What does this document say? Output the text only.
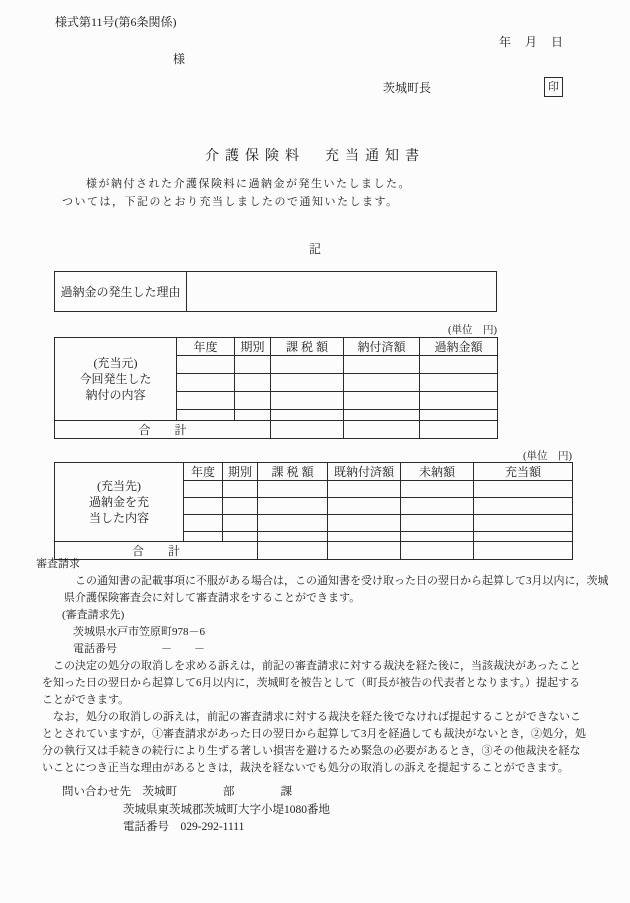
様式第11号(第6条関係)
年　月　日
様
茨城町長	印
介護保険料　充当通知書
様が納付された介護保険料に過納金が発生いたしました。
ついては，下記のとおり充当しましたので通知いたします。
記
過納金の発生した理由	
(単位　円)
(充当元)
今回発生した
納付の内容	年度	期別	課 税 額	納付済額	過納金額

合　　計					
(単位　円)
(充当先)
過納金を充
当した内容	年度	期別	課 税 額	既納付済額	未納額	充当額

合　　計						
審査請求
　この通知書の記載事項に不服がある場合は，この通知書を受け取った日の翌日から起算して3月以内に，茨城
県介護保険審査会に対して審査請求をすることができます。
(審査請求先)
茨城県水戸市笠原町978－6
電話番号　　　　－　　－
　この決定の処分の取消しを求める訴えは，前記の審査請求に対する裁決を経た後に，当該裁決があったこと
を知った日の翌日から起算して6月以内に，茨城町を被告として（町長が被告の代表者となります。）提起する
ことができます。
　なお，処分の取消しの訴えは，前記の審査請求に対する裁決を経た後でなければ提起することができないこ
ととされていますが，①審査請求があった日の翌日から起算して3月を経過しても裁決がないとき，②処分，処
分の執行又は手続きの続行により生ずる著しい損害を避けるため緊急の必要があるとき，③その他裁決を経な
いことにつき正当な理由があるときは，裁決を経ないでも処分の取消しの訴えを提起することができます。
問い合わせ先　茨城町　　　　部　　　　課
茨城県東茨城郡茨城町大字小堤1080番地
電話番号　029-292-1111
